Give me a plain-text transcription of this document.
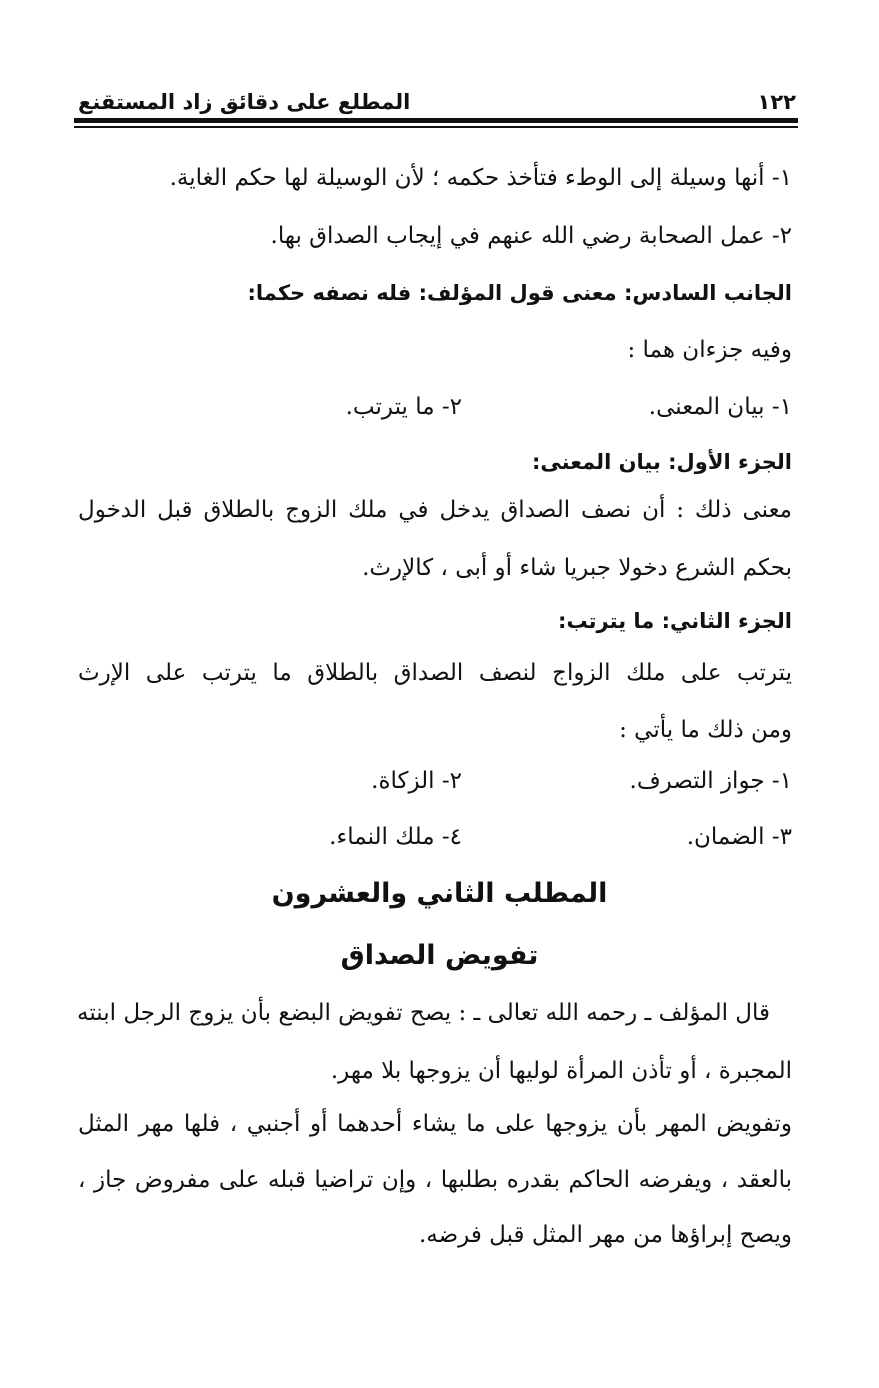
١٢٢
المطلع على دقائق زاد المستقنع
١- أنها وسيلة إلى الوطء فتأخذ حكمه ؛ لأن الوسيلة لها حكم الغاية.
٢- عمل الصحابة رضي الله عنهم في إيجاب الصداق بها.
الجانب السادس: معنى قول المؤلف: فله نصفه حكما:
وفيه جزءان هما :
١- بيان المعنى.
٢- ما يترتب.
الجزء الأول: بيان المعنى:
معنى ذلك : أن نصف الصداق يدخل في ملك الزوج بالطلاق قبل الدخول
بحكم الشرع دخولا جبريا شاء أو أبى ، كالإرث.
الجزء الثاني: ما يترتب:
يترتب على ملك الزواج لنصف الصداق بالطلاق ما يترتب على الإرث
ومن ذلك ما يأتي :
١- جواز التصرف.
٢- الزكاة.
٣- الضمان.
٤- ملك النماء.
المطلب الثاني والعشرون
تفويض الصداق
قال المؤلف ـ رحمه الله تعالى ـ : يصح تفويض البضع بأن يزوج الرجل ابنته
المجبرة ، أو تأذن المرأة لوليها أن يزوجها بلا مهر.
وتفويض المهر بأن يزوجها على ما يشاء أحدهما أو أجنبي ، فلها مهر المثل
بالعقد ، ويفرضه الحاكم بقدره بطلبها ، وإن تراضيا قبله على مفروض جاز ،
ويصح إبراؤها من مهر المثل قبل فرضه.
